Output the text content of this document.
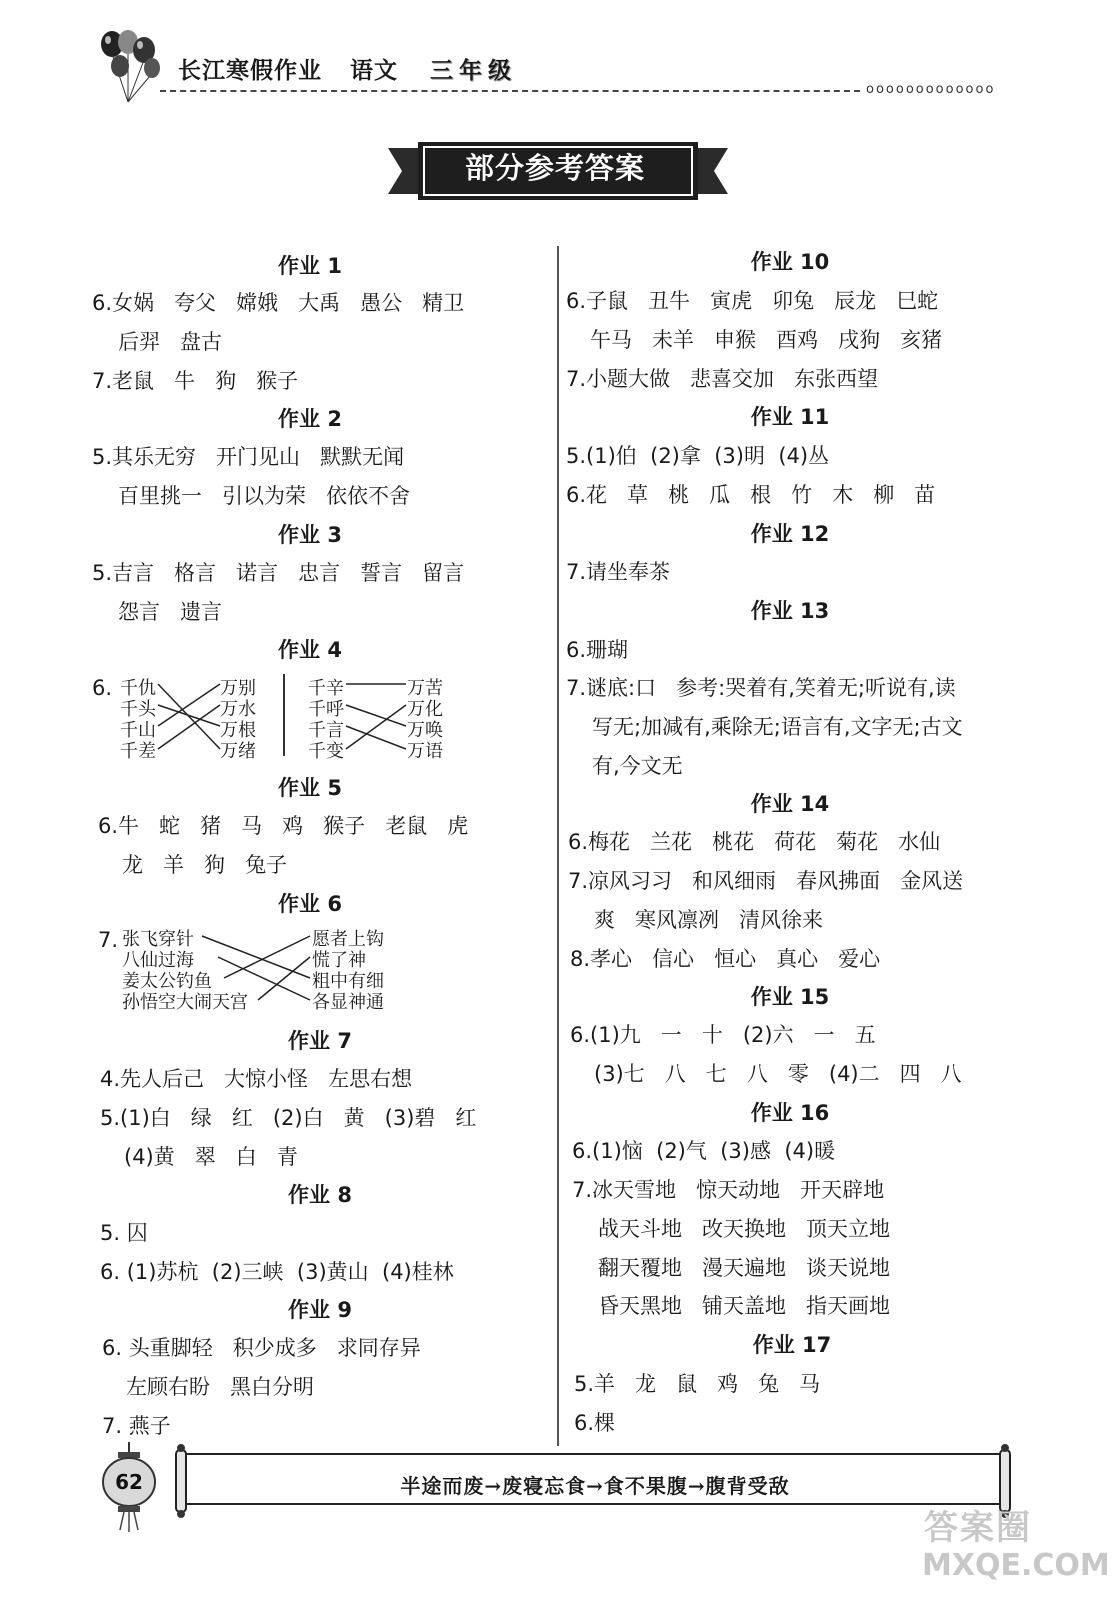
长江寒假作业 语文 三年级
ooooooooooooo
部分参考答案
作业 1
6.女娲   夸父   嫦娥   大禹   愚公   精卫
后羿   盘古
7.老鼠   牛   狗   猴子
作业 2
5.其乐无穷   开门见山   默默无闻
百里挑一   引以为荣   依依不舍
作业 3
5.吉言   格言   诺言   忠言   誓言   留言
怨言   遗言
作业 4
6. 千仇
千头
千山
千差
万别
万水
万根
万绪
千辛
千呼
千言
千变
万苦
万化
万唤
万语
作业 5
6.牛   蛇   猪   马   鸡   猴子   老鼠   虎
龙   羊   狗   兔子
作业 6
7. 张飞穿针
八仙过海
姜太公钓鱼
孙悟空大闹天宫
愿者上钩
慌了神
粗中有细
各显神通
作业 7
4.先人后己   大惊小怪   左思右想
5.(1)白   绿   红   (2)白   黄   (3)碧   红
(4)黄   翠   白   青
作业 8
5. 囚
6. (1)苏杭  (2)三峡  (3)黄山  (4)桂林
作业 9
6. 头重脚轻   积少成多   求同存异
左顾右盼   黑白分明
7. 燕子
作业 10
6.子鼠   丑牛   寅虎   卯兔   辰龙   巳蛇
午马   未羊   申猴   酉鸡   戌狗   亥猪
7.小题大做   悲喜交加   东张西望
作业 11
5.(1)伯  (2)拿  (3)明  (4)丛
6.花   草   桃   瓜   根   竹   木   柳   苗
作业 12
7.请坐奉茶
作业 13
6.珊瑚
7.谜底:口   参考:哭着有,笑着无;听说有,读
写无;加减有,乘除无;语言有,文字无;古文
有,今文无
作业 14
6.梅花   兰花   桃花   荷花   菊花   水仙
7.凉风习习   和风细雨   春风拂面   金风送
爽   寒风凛冽   清风徐来
8.孝心   信心   恒心   真心   爱心
作业 15
6.(1)九   一   十   (2)六   一   五
(3)七   八   七   八   零   (4)二   四   八
作业 16
6.(1)恼  (2)气  (3)感  (4)暖
7.冰天雪地   惊天动地   开天辟地
战天斗地   改天换地   顶天立地
翻天覆地   漫天遍地   谈天说地
昏天黑地   铺天盖地   指天画地
作业 17
5.羊   龙   鼠   鸡   兔   马
6.棵
62	半途而废→废寝忘食→食不果腹→腹背受敌
答案圈
MXQE.COM
